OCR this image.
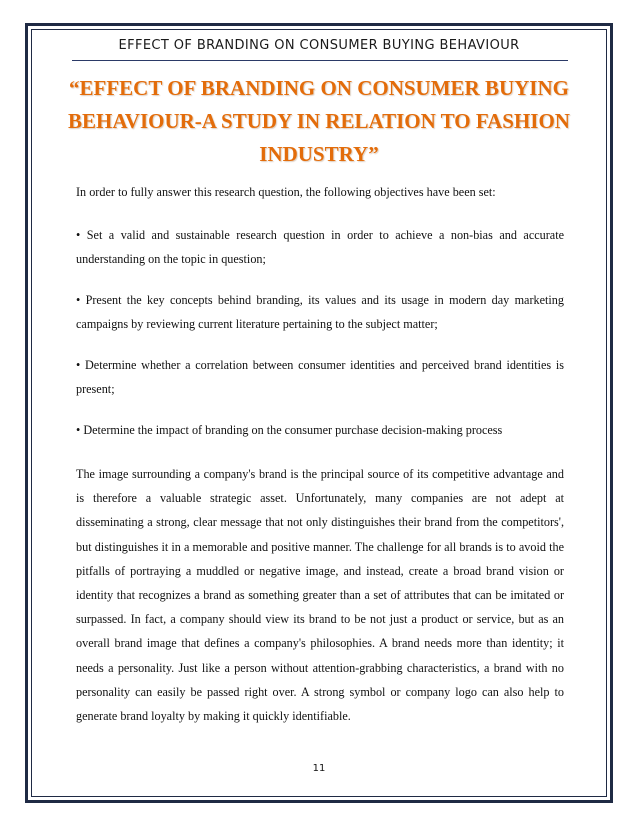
EFFECT OF BRANDING ON CONSUMER BUYING BEHAVIOUR
“EFFECT OF BRANDING ON CONSUMER BUYING BEHAVIOUR-A STUDY IN RELATION TO FASHION INDUSTRY”
In order to fully answer this research question, the following objectives have been set:
• Set a valid and sustainable research question in order to achieve a non-bias and accurate understanding on the topic in question;
• Present the key concepts behind branding, its values and its usage in modern day marketing campaigns by reviewing current literature pertaining to the subject matter;
• Determine whether a correlation between consumer identities and perceived brand identities is present;
• Determine the impact of branding on the consumer purchase decision-making process
The image surrounding a company's brand is the principal source of its competitive advantage and is therefore a valuable strategic asset. Unfortunately, many companies are not adept at disseminating a strong, clear message that not only distinguishes their brand from the competitors', but distinguishes it in a memorable and positive manner. The challenge for all brands is to avoid the pitfalls of portraying a muddled or negative image, and instead, create a broad brand vision or identity that recognizes a brand as something greater than a set of attributes that can be imitated or surpassed. In fact, a company should view its brand to be not just a product or service, but as an overall brand image that defines a company's philosophies. A brand needs more than identity; it needs a personality. Just like a person without attention-grabbing characteristics, a brand with no personality can easily be passed right over. A strong symbol or company logo can also help to generate brand loyalty by making it quickly identifiable.
11
